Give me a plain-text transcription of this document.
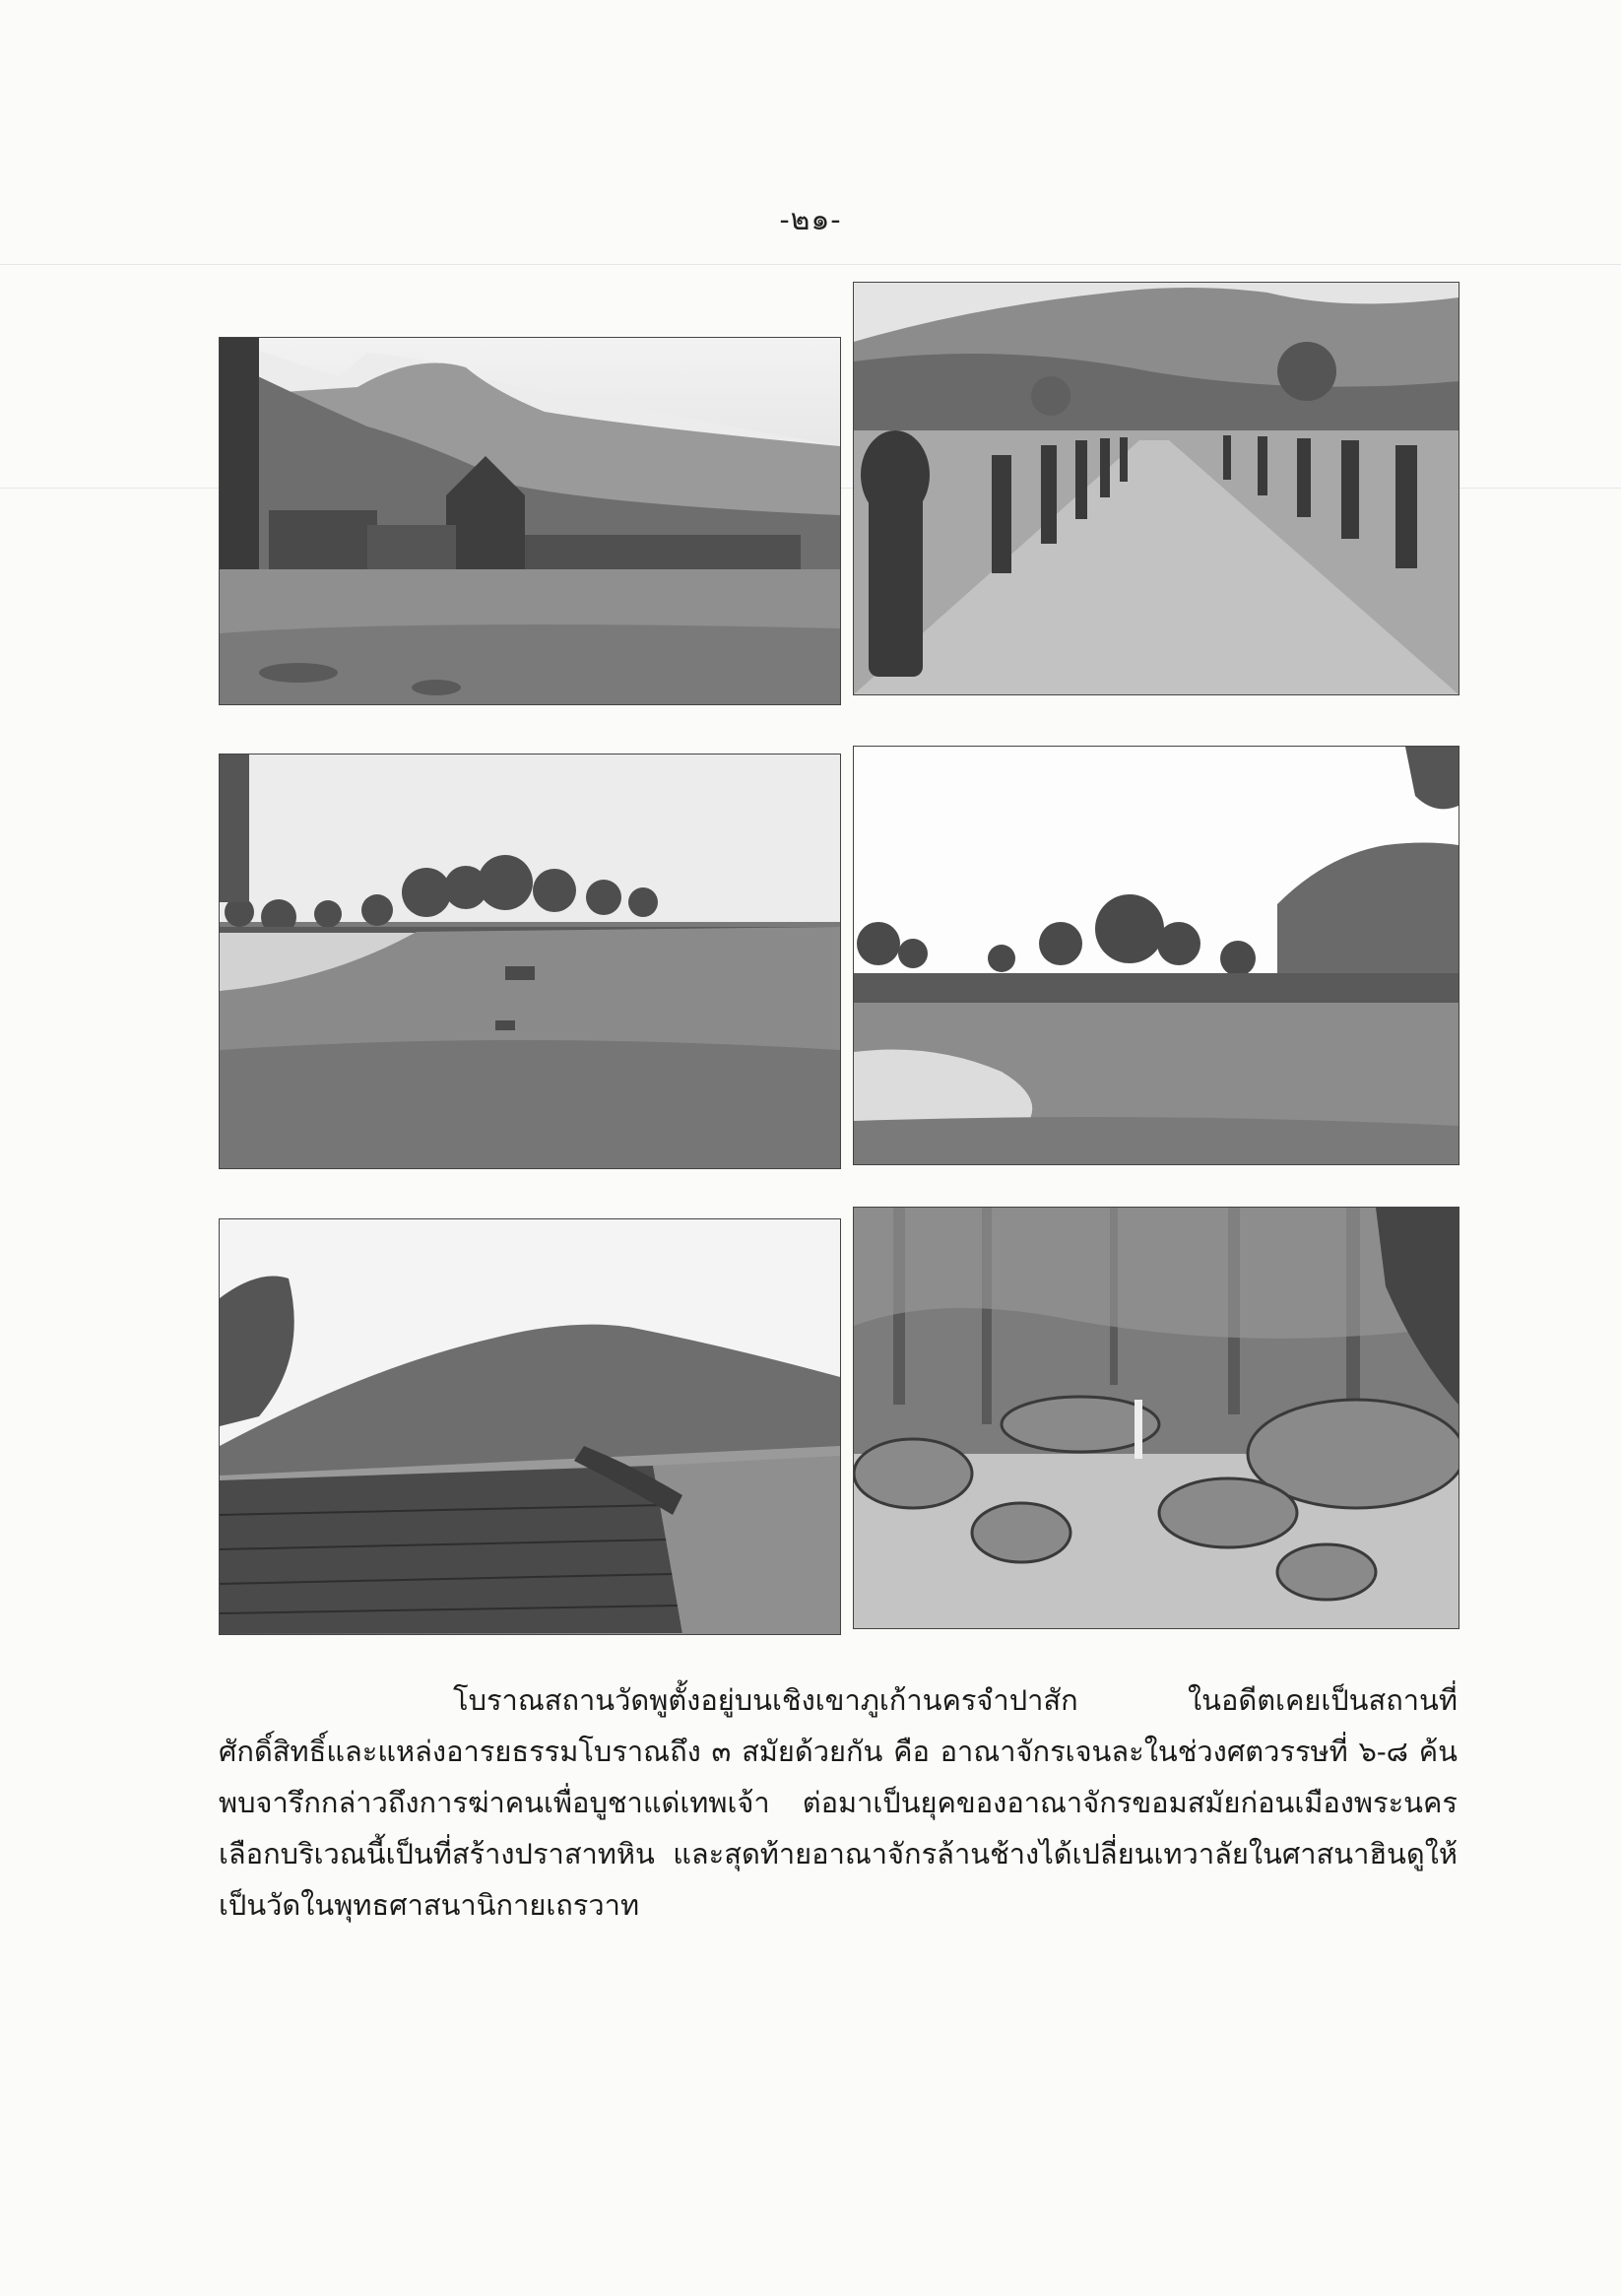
-๒๑-

โบราณสถานวัดพูตั้งอยู่บนเชิงเขาภูเก้านครจำปาสัก ในอดีตเคยเป็นสถานที่ศักดิ์สิทธิ์และแหล่งอารยธรรมโบราณถึง ๓ สมัยด้วยกัน คือ อาณาจักรเจนละในช่วงศตวรรษที่ ๖-๘ ค้นพบจารึกกล่าวถึงการฆ่าคนเพื่อบูชาแด่เทพเจ้า ต่อมาเป็นยุคของอาณาจักรขอมสมัยก่อนเมืองพระนคร เลือกบริเวณนี้เป็นที่สร้างปราสาทหิน และสุดท้ายอาณาจักรล้านช้างได้เปลี่ยนเทวาลัยในศาสนาฮินดูให้เป็นวัดในพุทธศาสนานิกายเถรวาท
